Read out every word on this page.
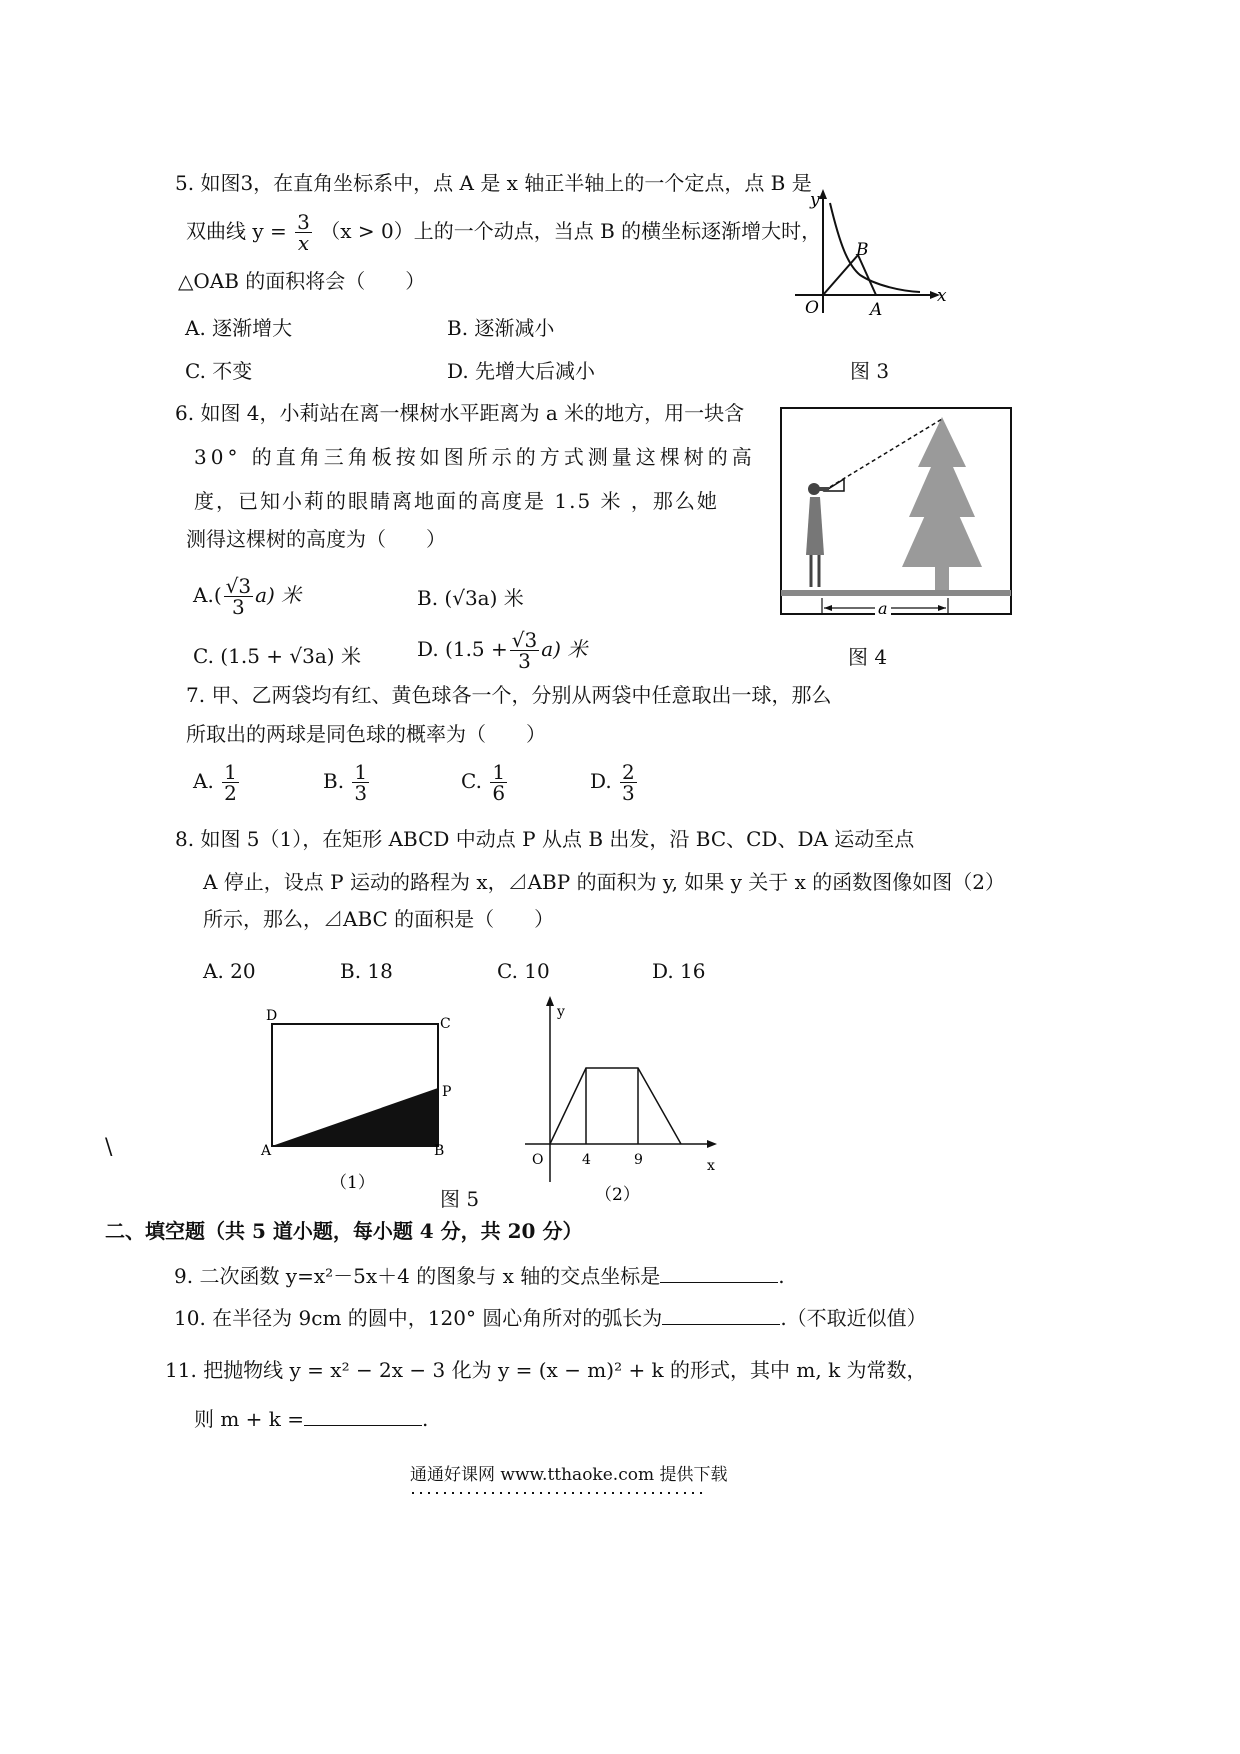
5. 如图3，在直角坐标系中，点 A 是 x 轴正半轴上的一个定点，点 B 是
双曲线 $y = \frac{3}{x} (x > 0)$上的一个动点，当点 B 的横坐标逐渐增大时，
△OAB 的面积将会（　　）
A. 逐渐增大	B. 逐渐减小
C. 不变	D. 先增大后减小
y
x
O	A
B
图 3
6. 如图 4，小莉站在离一棵树水平距离为 a 米的地方，用一块含
30° 的直角三角板按如图所示的方式测量这棵树的高
度，已知小莉的眼睛离地面的高度是 1.5 米 ，那么她
测得这棵树的高度为（　　）
$A.( \frac{√3}{3} a)$ 米	B. (√3a) 米
C. (1.5 + √3a) 米	D. $(1.5 + \frac{√3}{3} a)$ 米
a
图 4
7. 甲、乙两袋均有红、黄色球各一个，分别从两袋中任意取出一球，那么
所取出的两球是同色球的概率为（　　）
A. $\frac{1}{2}$	B. $\frac{1}{3}$	C. $\frac{1}{6}$	D. $\frac{2}{3}$
8. 如图 5（1），在矩形 ABCD 中动点 P 从点 B 出发，沿 BC、CD、DA 运动至点
A 停止，设点 P 运动的路程为 x，⊿ABP 的面积为 y, 如果 y 关于 x 的函数图像如图（2）
所示，那么，⊿ABC 的面积是（　　）
A. 20	B. 18	C. 10	D. 16
\
D	C
P
A	B
（1）
y
x
O	4	9
（2）
图 5
二、填空题（共 5 道小题，每小题 4 分，共 20 分）
9. 二次函数 y=x²－5x＋4 的图象与 x 轴的交点坐标是	.
10. 在半径为 9cm 的圆中，120° 圆心角所对的弧长为	.（不取近似值）
11. 把抛物线 y = x² − 2x − 3 化为 y = (x − m)² + k 的形式，其中 m, k 为常数，
则 m + k =	.
通通好课网 www.tthaoke.com 提供下载
